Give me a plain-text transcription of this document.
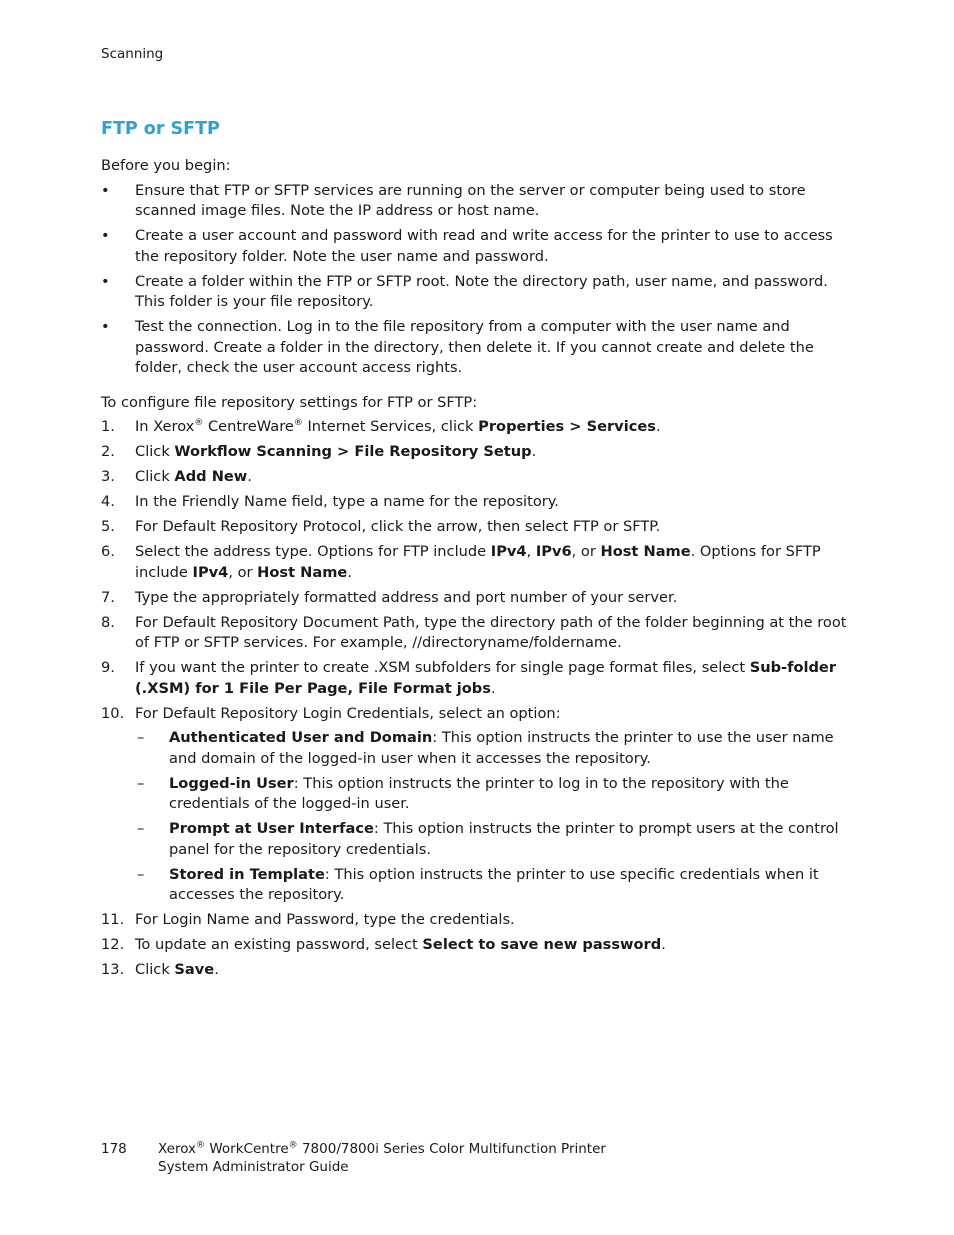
Scanning
FTP or SFTP

Before you begin:

• Ensure that FTP or SFTP services are running on the server or computer being used to store scanned image files. Note the IP address or host name.
• Create a user account and password with read and write access for the printer to use to access the repository folder. Note the user name and password.
• Create a folder within the FTP or SFTP root. Note the directory path, user name, and password. This folder is your file repository.
• Test the connection. Log in to the file repository from a computer with the user name and password. Create a folder in the directory, then delete it. If you cannot create and delete the folder, check the user account access rights.

To configure file repository settings for FTP or SFTP:

1. In Xerox® CentreWare® Internet Services, click Properties > Services.
2. Click Workflow Scanning > File Repository Setup.
3. Click Add New.
4. In the Friendly Name field, type a name for the repository.
5. For Default Repository Protocol, click the arrow, then select FTP or SFTP.
6. Select the address type. Options for FTP include IPv4, IPv6, or Host Name. Options for SFTP include IPv4, or Host Name.
7. Type the appropriately formatted address and port number of your server.
8. For Default Repository Document Path, type the directory path of the folder beginning at the root of FTP or SFTP services. For example, //directoryname/foldername.
9. If you want the printer to create .XSM subfolders for single page format files, select Sub-folder (.XSM) for 1 File Per Page, File Format jobs.
10. For Default Repository Login Credentials, select an option:
– Authenticated User and Domain: This option instructs the printer to use the user name and domain of the logged-in user when it accesses the repository.
– Logged-in User: This option instructs the printer to log in to the repository with the credentials of the logged-in user.
– Prompt at User Interface: This option instructs the printer to prompt users at the control panel for the repository credentials.
– Stored in Template: This option instructs the printer to use specific credentials when it accesses the repository.
11. For Login Name and Password, type the credentials.
12. To update an existing password, select Select to save new password.
13. Click Save.
178 Xerox® WorkCentre® 7800/7800i Series Color Multifunction Printer
System Administrator Guide
